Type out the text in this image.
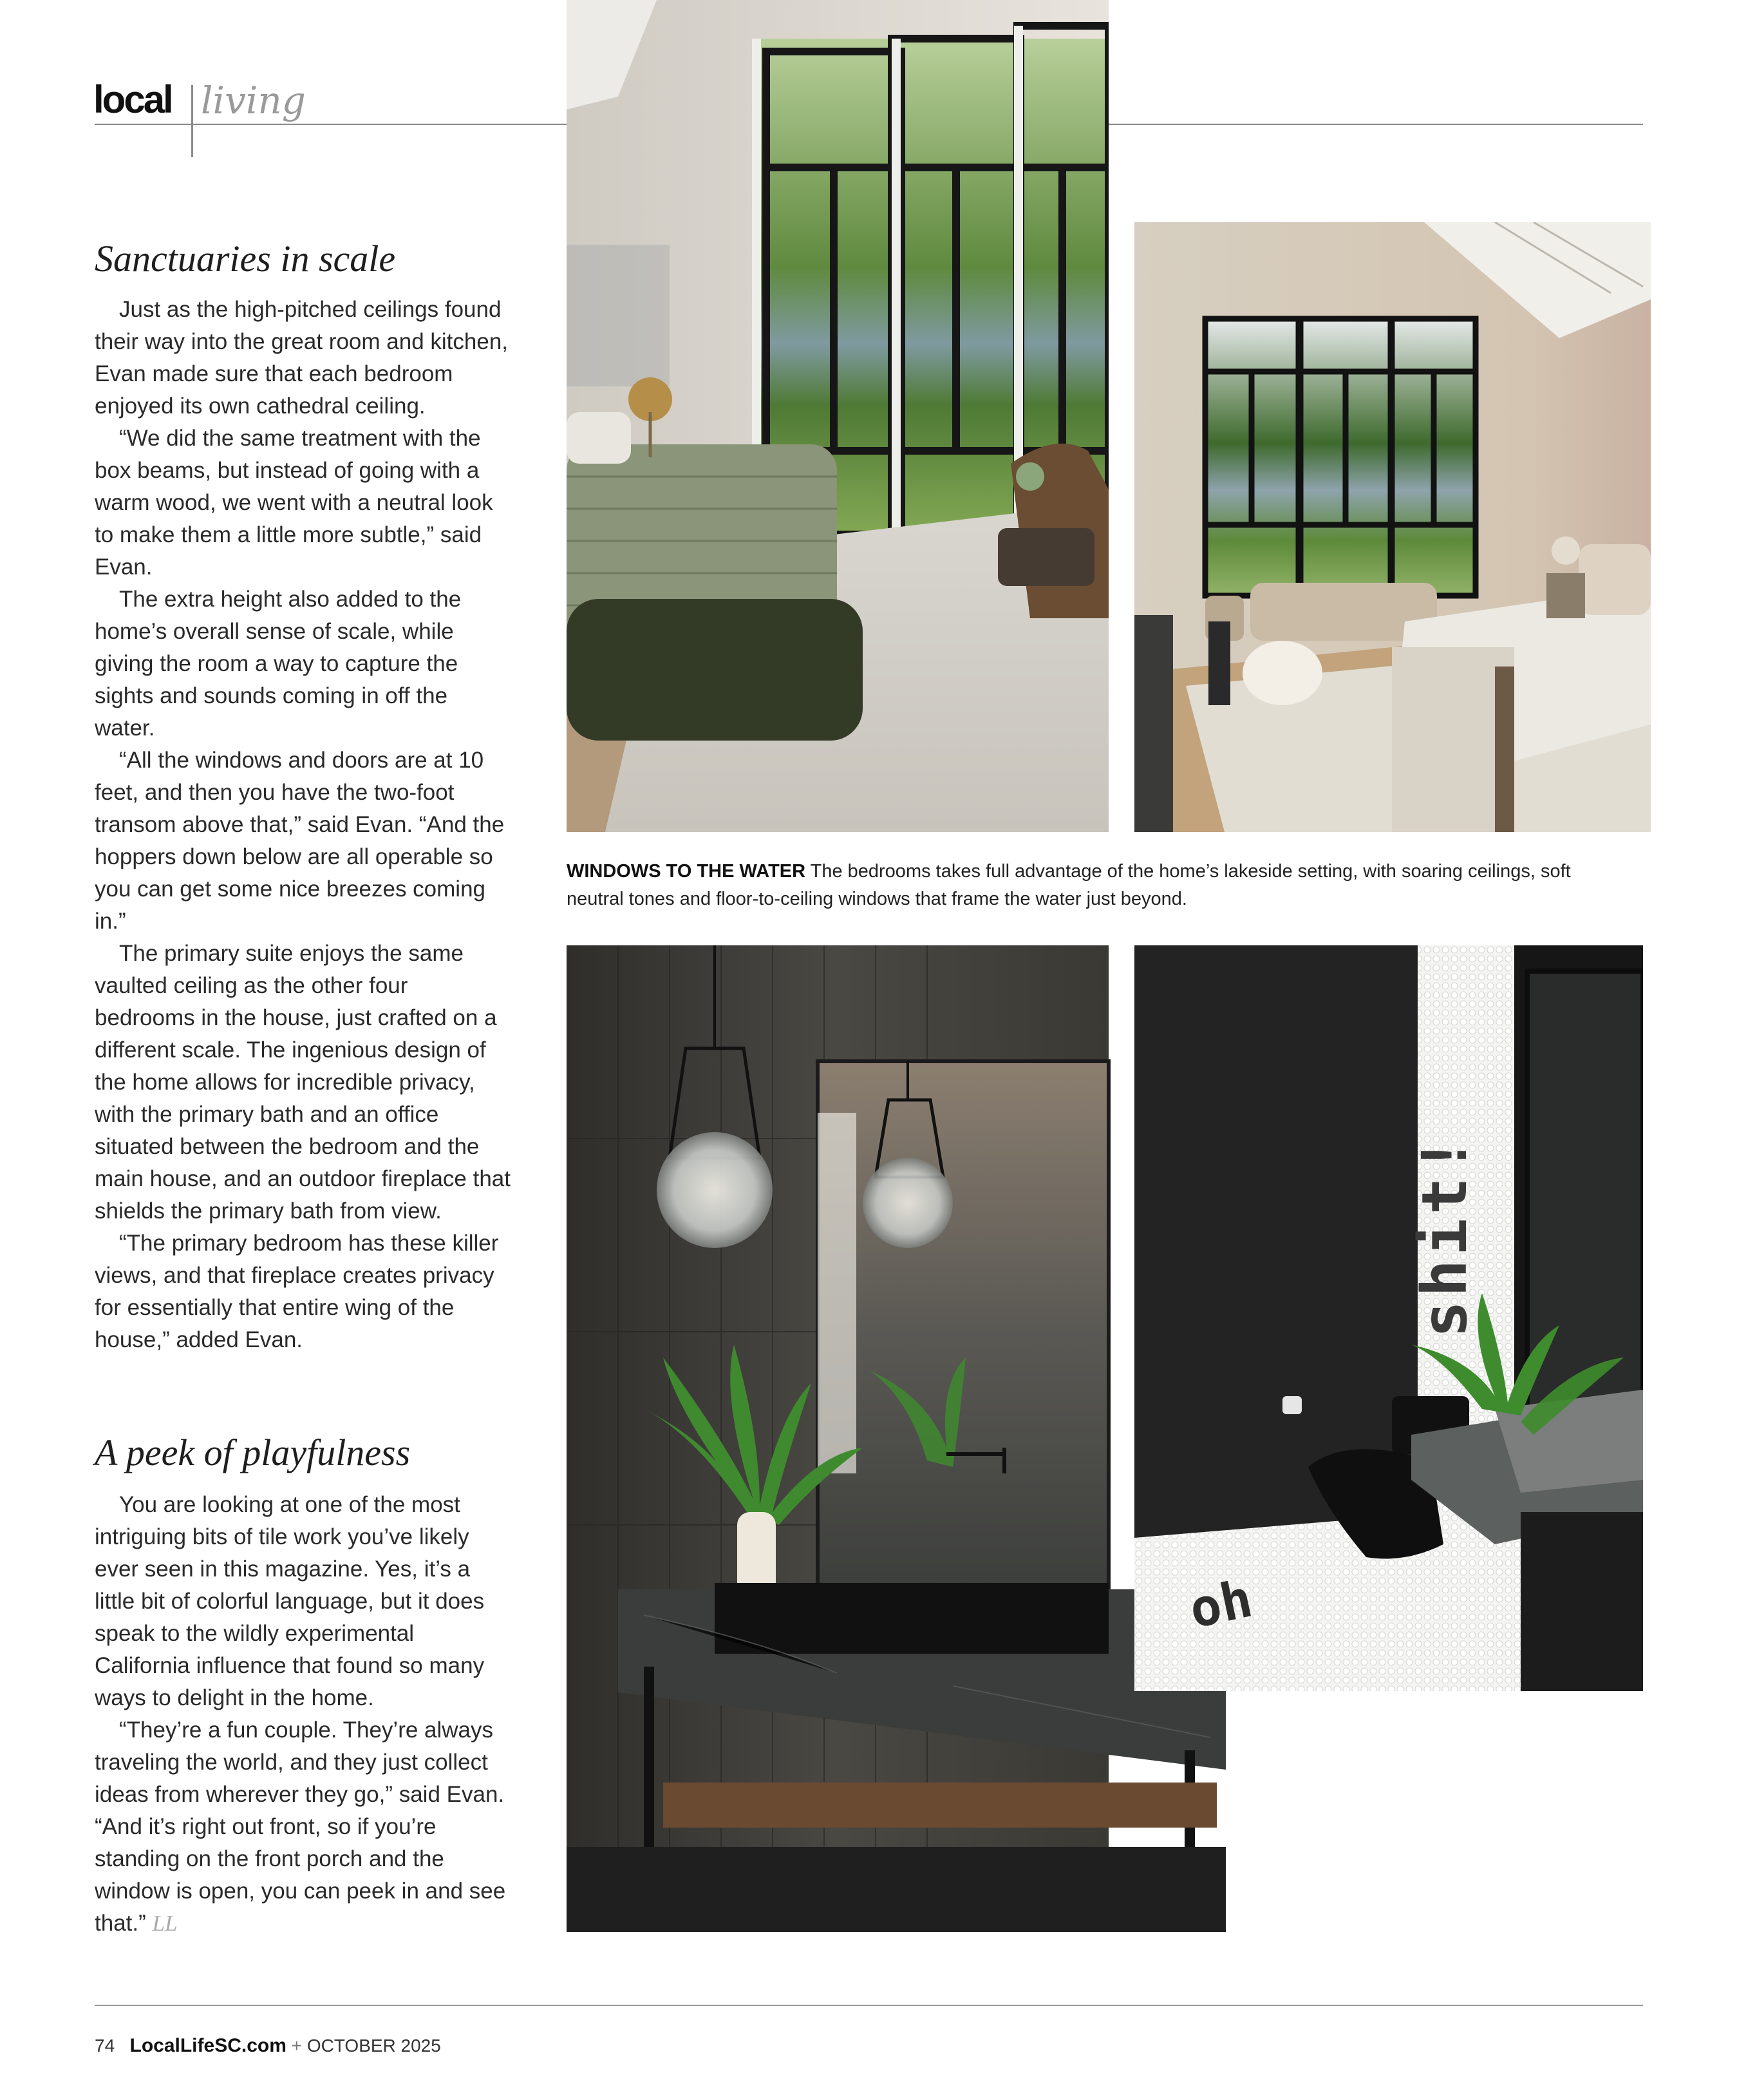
local living
Sanctuaries in scale

Just as the high-pitched ceilings found their way into the great room and kitchen, Evan made sure that each bedroom enjoyed its own cathedral ceiling.

“We did the same treatment with the box beams, but instead of going with a warm wood, we went with a neutral look to make them a little more subtle,” said Evan.

The extra height also added to the home’s overall sense of scale, while giving the room a way to capture the sights and sounds coming in off the water.

“All the windows and doors are at 10 feet, and then you have the two-foot transom above that,” said Evan. “And the hoppers down below are all operable so you can get some nice breezes coming in.”

The primary suite enjoys the same vaulted ceiling as the other four bedrooms in the house, just crafted on a different scale. The ingenious design of the home allows for incredible privacy, with the primary bath and an office situated between the bedroom and the main house, and an outdoor fireplace that shields the primary bath from view.

“The primary bedroom has these killer views, and that fireplace creates privacy for essentially that entire wing of the house,” added Evan.

A peek of playfulness

You are looking at one of the most intriguing bits of tile work you’ve likely ever seen in this magazine. Yes, it’s a little bit of colorful language, but it does speak to the wildly experimental California influence that found so many ways to delight in the home.

“They’re a fun couple. They’re always traveling the world, and they just collect ideas from wherever they go,” said Evan. “And it’s right out front, so if you’re standing on the front porch and the window is open, you can peek in and see that.” LL

WINDOWS TO THE WATER The bedrooms takes full advantage of the home’s lakeside setting, with soaring ceilings, soft neutral tones and floor-to-ceiling windows that frame the water just beyond.
shit!
oh
74 LocalLifeSC.com + OCTOBER 2025
